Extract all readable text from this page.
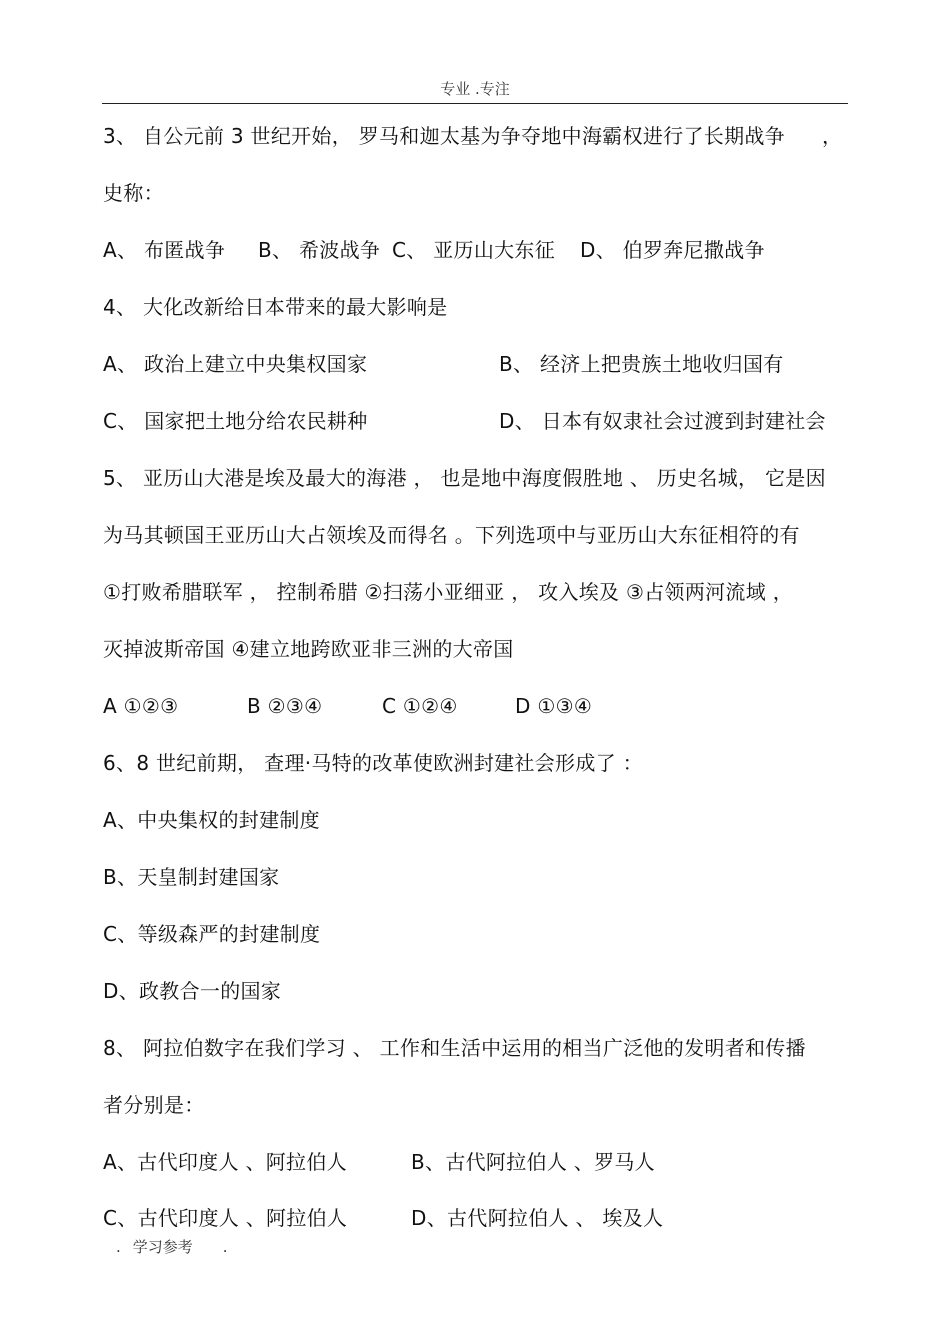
专业 .专注
3、 自公元前 3 世纪开始， 罗马和迦太基为争夺地中海霸权进行了长期战争 ，
史称：
A、 布匿战争 B、 希波战争 C、 亚历山大东征 D、 伯罗奔尼撒战争
4、 大化改新给日本带来的最大影响是
A、 政治上建立中央集权国家	B、 经济上把贵族土地收归国有
C、 国家把土地分给农民耕种	D、 日本有奴隶社会过渡到封建社会
5、 亚历山大港是埃及最大的海港 ， 也是地中海度假胜地 、 历史名城， 它是因
为马其顿国王亚历山大占领埃及而得名 。下列选项中与亚历山大东征相符的有
①打败希腊联军 ， 控制希腊 ②扫荡小亚细亚 ， 攻入埃及 ③占领两河流域 ，
灭掉波斯帝国 ④建立地跨欧亚非三洲的大帝国
A ①②③	B ②③④	C ①②④	D ①③④
6、8 世纪前期， 查理·马特的改革使欧洲封建社会形成了 ：
A、中央集权的封建制度
B、天皇制封建国家
C、等级森严的封建制度
D、政教合一的国家
8、 阿拉伯数字在我们学习 、 工作和生活中运用的相当广泛他的发明者和传播
者分别是：
A、古代印度人 、阿拉伯人	B、古代阿拉伯人 、罗马人
C、古代印度人 、阿拉伯人	D、古代阿拉伯人 、 埃及人
. 学习参考 .
